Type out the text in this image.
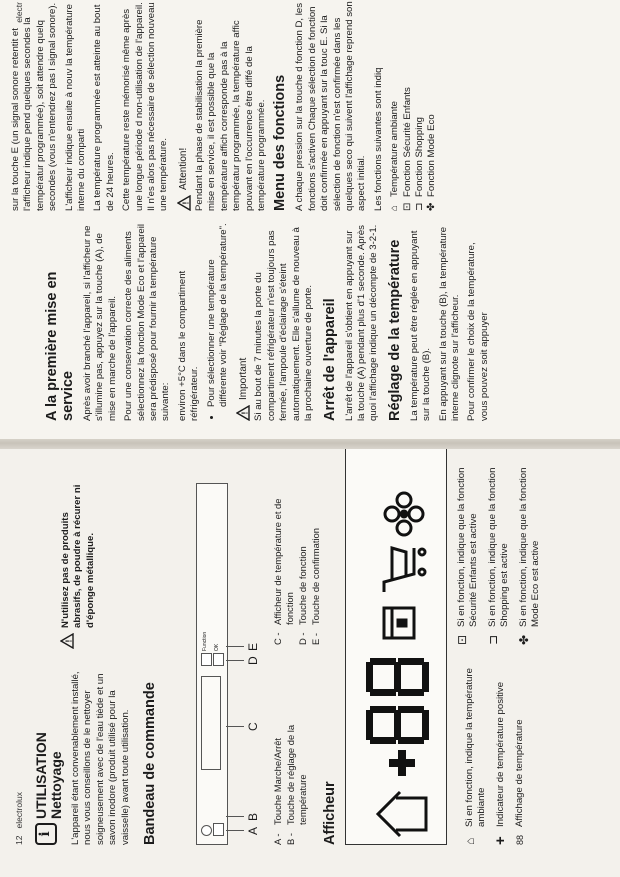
12   electrolux
i
UTILISATION Nettoyage L'appareil étant convenablement installé, nous vous conseillons de le nettoyer soigneusement avec de l'eau tiède et un savon inodore (produit utilisé pour la vaisselle) avant toute utilisation. Bandeau de commande
!
N'utilisez pas de produits abrasifs, de poudre à récurer ni d'éponge métallique.
Function OK
A
B
C
D
E
A -
Touche Marche/Arrêt
B -
Touche de réglage de la température
C -
Afficheur de température et de fonction
D -
Touche de fonction
E -
Touche de confirmation
Afficheur	⌂
Si en fonction, indique la température ambiante
+
Indicateur de température positive
88
Affichage de température
⊡
Si en fonction, indique que la fonction Sécurité Enfants est active
⊐
Si en fonction, indique que la fonction Shopping est active
✤
Si en fonction, indique que la fonction Mode Eco est active
electr
A la première mise en service Après avoir branché l'appareil, si l'afficheur ne s'illumine pas, appuyez sur la touche (A), de mise en marche de l'appareil. Pour une conservation correcte des aliments sélectionnez la fonction Mode Eco et l'appareil sera prédisposé pour fournir la température suivante: environ +5°C dans le compartiment réfrigérateur.

• Pour sélectionner une température différente voir "Réglage de la température".
!
Important Si au bout de 7 minutes la porte du compartiment réfrigérateur n'est toujours pas fermée, l'ampoule d'éclairage s'éteint automatiquement. Elle s'allume de nouveau à la prochaine ouverture de porte. Arrêt de l'appareil L'arrêt de l'appareil s'obtient en appuyant sur la touche (A) pendant plus d'1 seconde. Après quoi l'affichage indique un décompte de 3-2-1. Réglage de la température La température peut être réglée en appuyant sur la touche (B). En appuyant sur la touche (B), la température interne clignote sur l'afficheur. Pour confirmer le choix de la température, vous pouvez soit appuyer

sur la touche E (un signal sonore retentit et l'afficheur indique pend quelques secondes la températur programmée), soit attendre quelq secondes (vous n'entendrez pas l signal sonore). L'afficheur indique ensuite à nouv la température interne du comparti La température programmée est atteinte au bout de 24 heures. Cette température reste mémorisé même après une longue période d non-utilisation de l'appareil. Il n'es alors pas nécessaire de sélection nouveau une température. !
Attention! Pendant la phase de stabilisation la première mise en service, il est possible que la température affich corresponde pas à la températur programmée, la température affic pouvant en l'occurrence être diffé de la température programmée. Menu des fonctions A chaque pression sur la touche d fonction D, les fonctions s'activen Chaque sélection de fonction doit confirmée en appuyant sur la touc E. Si la sélection de fonction n'est confirmée dans les quelques seco qui suivent l'affichage reprend son aspect initial. Les fonctions suivantes sont indiq ⌂
Température ambiante
⊡
Fonction Sécurité Enfants
⊐
Fonction Shopping
✤
Fonction Mode Eco
